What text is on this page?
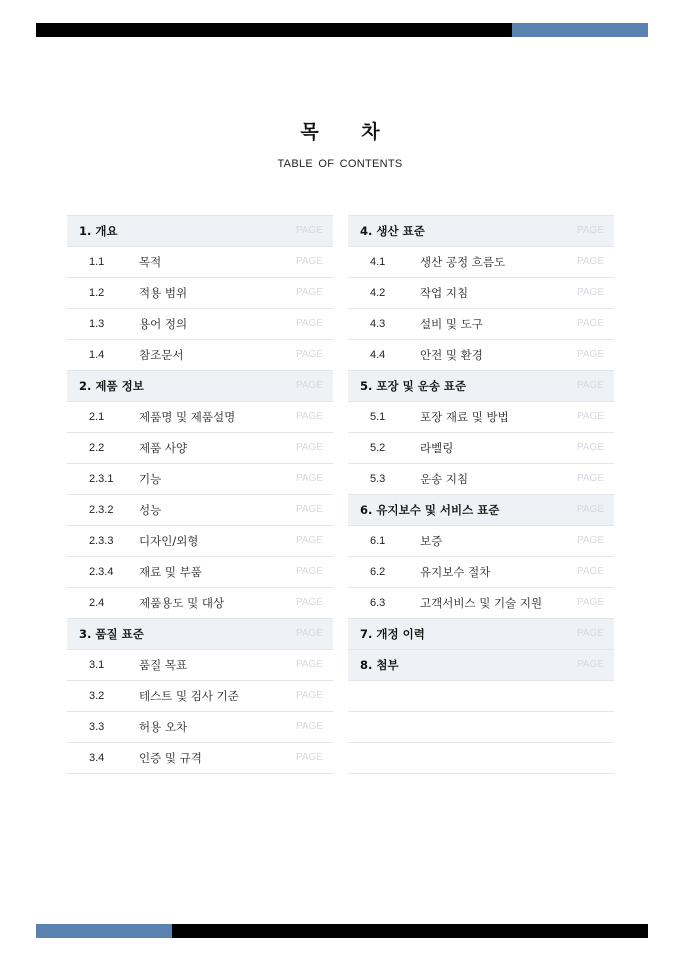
목 차
TABLE OF CONTENTS
1. 개요	PAGE
1.1	목적	PAGE
1.2	적용 범위	PAGE
1.3	용어 정의	PAGE
1.4	참조문서	PAGE
2. 제품 정보	PAGE
2.1	제품명 및 제품설명	PAGE
2.2	제품 사양	PAGE
2.3.1 기능	PAGE
2.3.2 성능	PAGE
2.3.3 디자인/외형	PAGE
2.3.4 재료 및 부품	PAGE
2.4	제품용도 및 대상	PAGE
3. 품질 표준	PAGE
3.1	품질 목표	PAGE
3.2	테스트 및 검사 기준	PAGE
3.3	허용 오차	PAGE
3.4	인증 및 규격	PAGE
4. 생산 표준	PAGE
4.1	생산 공정 흐름도	PAGE
4.2	작업 지침	PAGE
4.3	설비 및 도구	PAGE
4.4	안전 및 환경	PAGE
5. 포장 및 운송 표준	PAGE
5.1	포장 재료 및 방법	PAGE
5.2	라벨링	PAGE
5.3	운송 지침	PAGE
6. 유지보수 및 서비스 표준	PAGE
6.1	보증	PAGE
6.2	유지보수 절차	PAGE
6.3	고객서비스 및 기술 지원	PAGE
7. 개정 이력	PAGE
8. 첨부	PAGE
